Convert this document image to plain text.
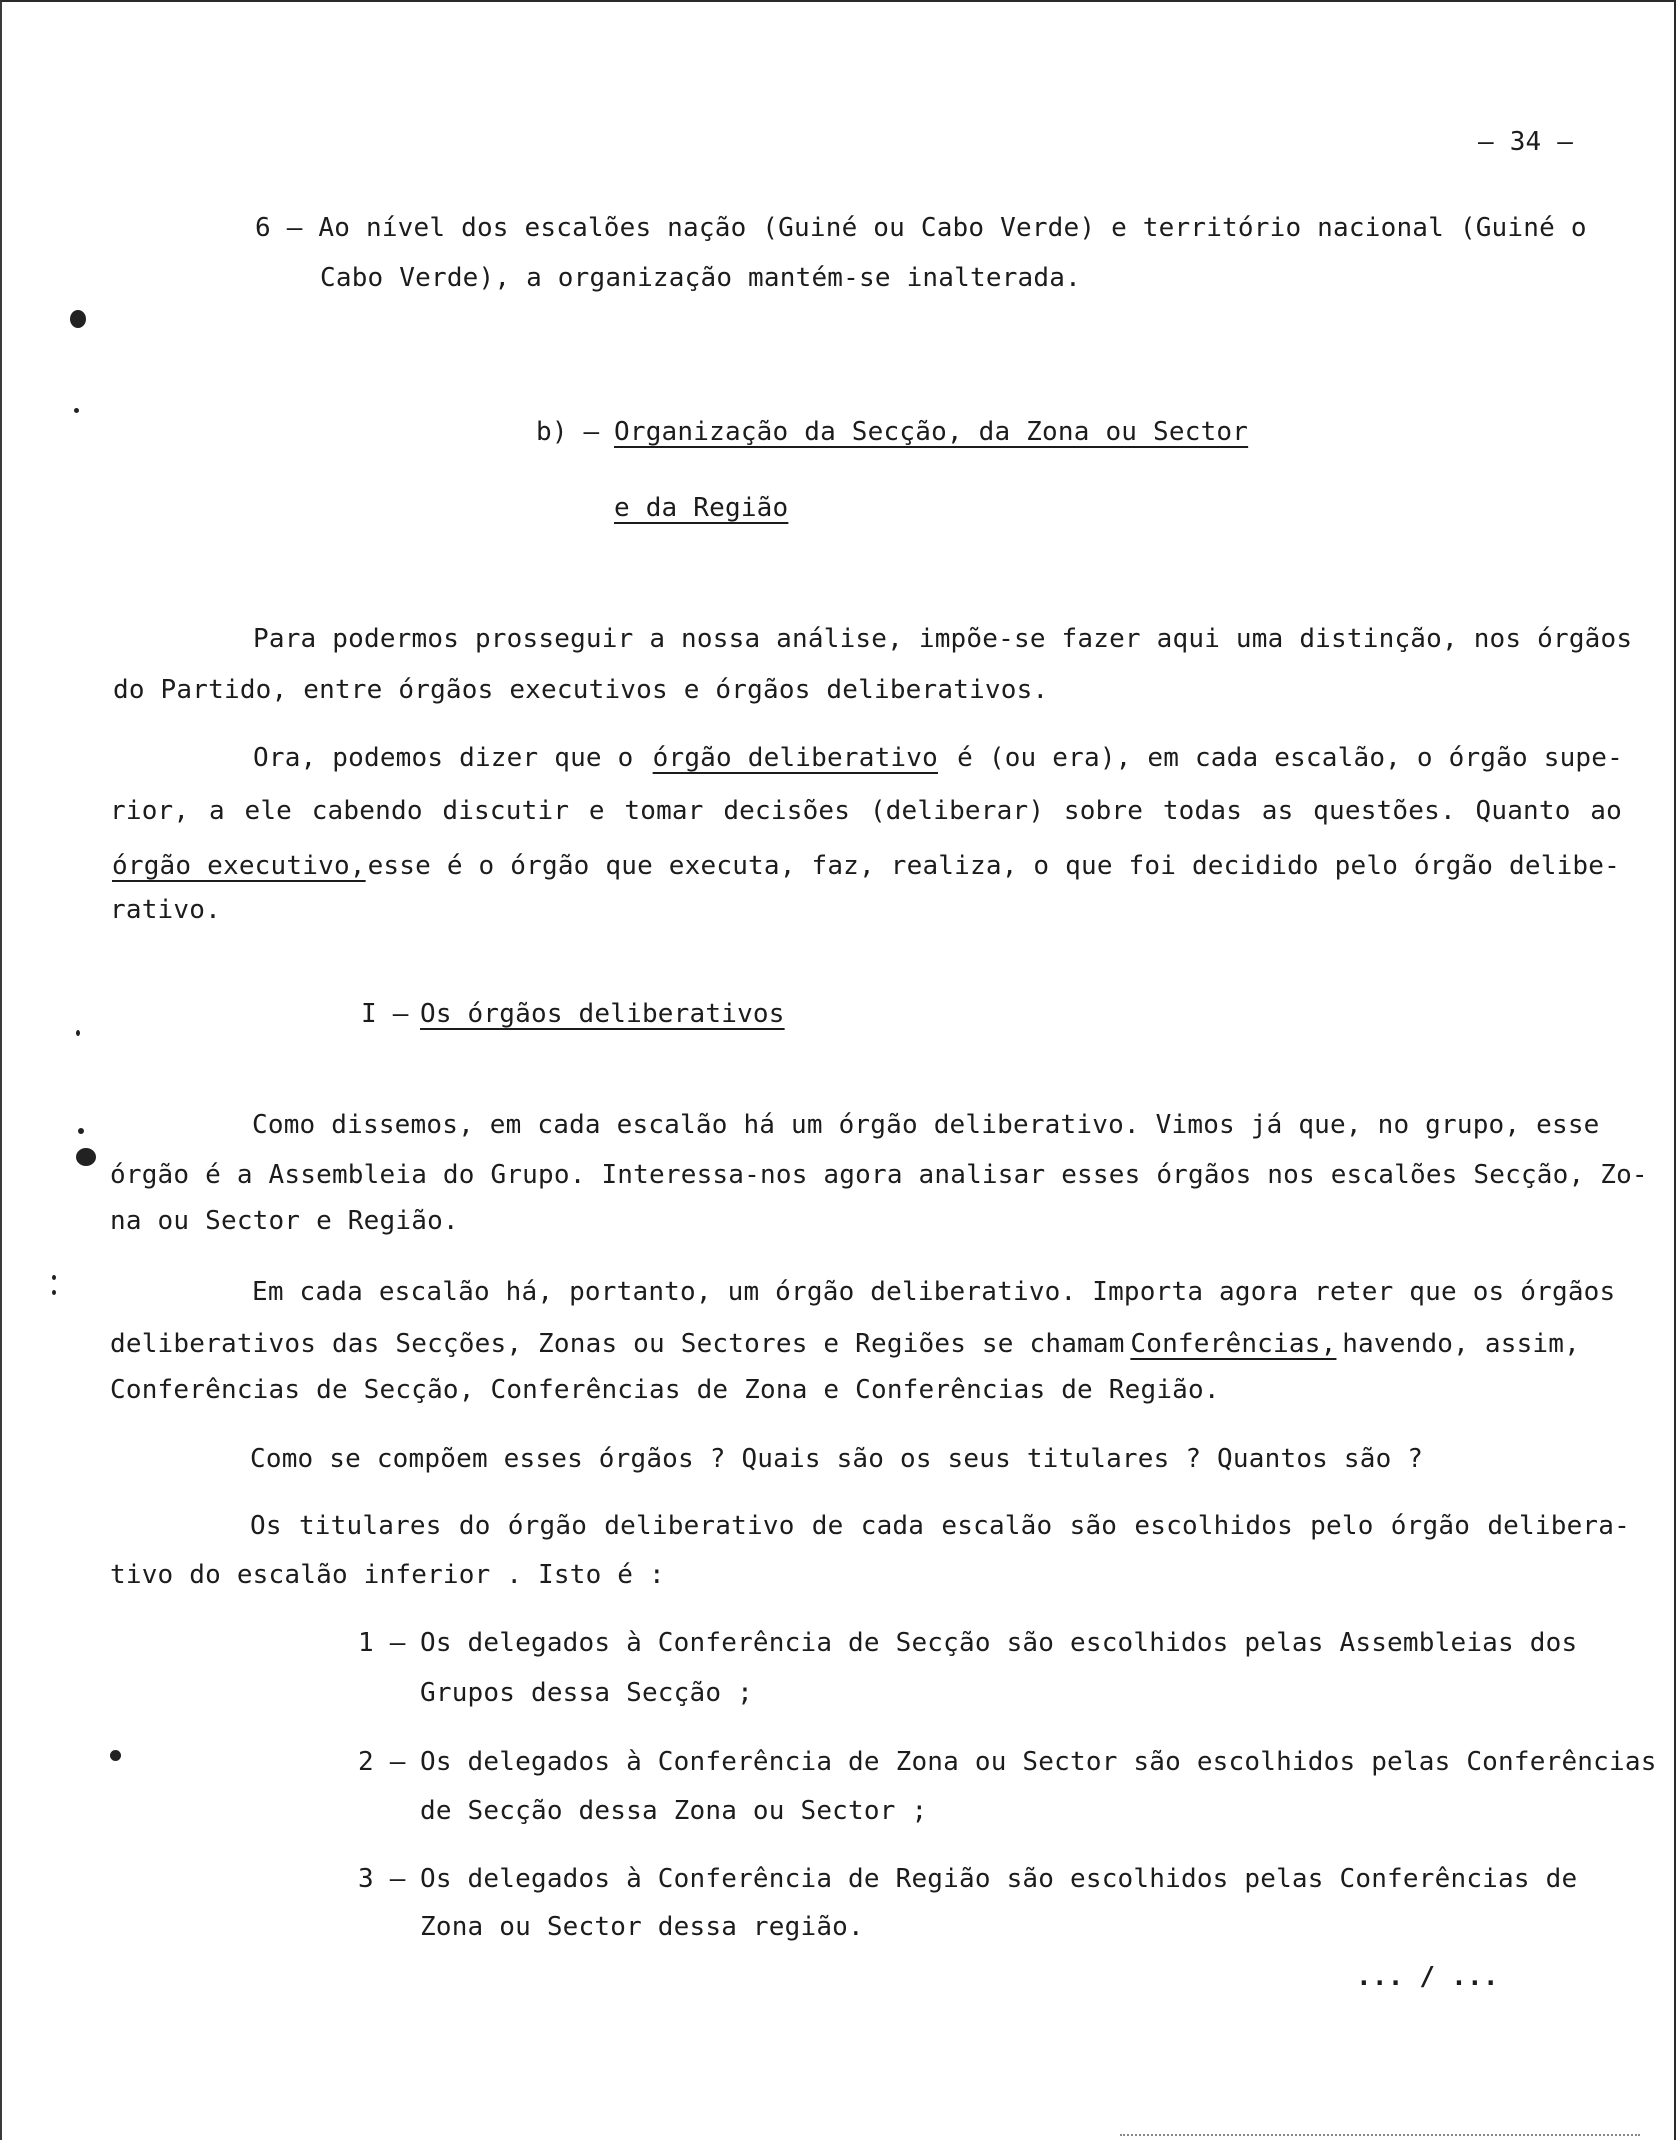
– 34 –
6 – Ao nível dos escalões nação (Guiné ou Cabo Verde) e território nacional (Guiné o
Cabo Verde), a organização mantém-se inalterada.
b) – Organização da Secção, da Zona ou Sector
e da Região
Para podermos prosseguir a nossa análise, impõe-se fazer aqui uma distinção, nos órgãos
do Partido, entre órgãos executivos e órgãos deliberativos.
Ora, podemos dizer que o órgão deliberativo é (ou era), em cada escalão, o órgão supe-
rior, a ele cabendo discutir e tomar decisões (deliberar) sobre todas as questões. Quanto ao
órgão executivo, esse é o órgão que executa, faz, realiza, o que foi decidido pelo órgão delibe-
rativo.
I – Os órgãos deliberativos
Como dissemos, em cada escalão há um órgão deliberativo. Vimos já que, no grupo, esse
órgão é a Assembleia do Grupo. Interessa-nos agora analisar esses órgãos nos escalões Secção, Zo-
na ou Sector e Região.
Em cada escalão há, portanto, um órgão deliberativo. Importa agora reter que os órgãos
deliberativos das Secções, Zonas ou Sectores e Regiões se chamam Conferências, havendo, assim,
Conferências de Secção, Conferências de Zona e Conferências de Região.
Como se compõem esses órgãos ? Quais são os seus titulares ? Quantos são ?
Os titulares do órgão deliberativo de cada escalão são escolhidos pelo órgão delibera-
tivo do escalão inferior . Isto é :
1 – Os delegados à Conferência de Secção são escolhidos pelas Assembleias dos
Grupos dessa Secção ;
2 – Os delegados à Conferência de Zona ou Sector são escolhidos pelas Conferências
de Secção dessa Zona ou Sector ;
3 – Os delegados à Conferência de Região são escolhidos pelas Conferências de
Zona ou Sector dessa região.
... / ...
